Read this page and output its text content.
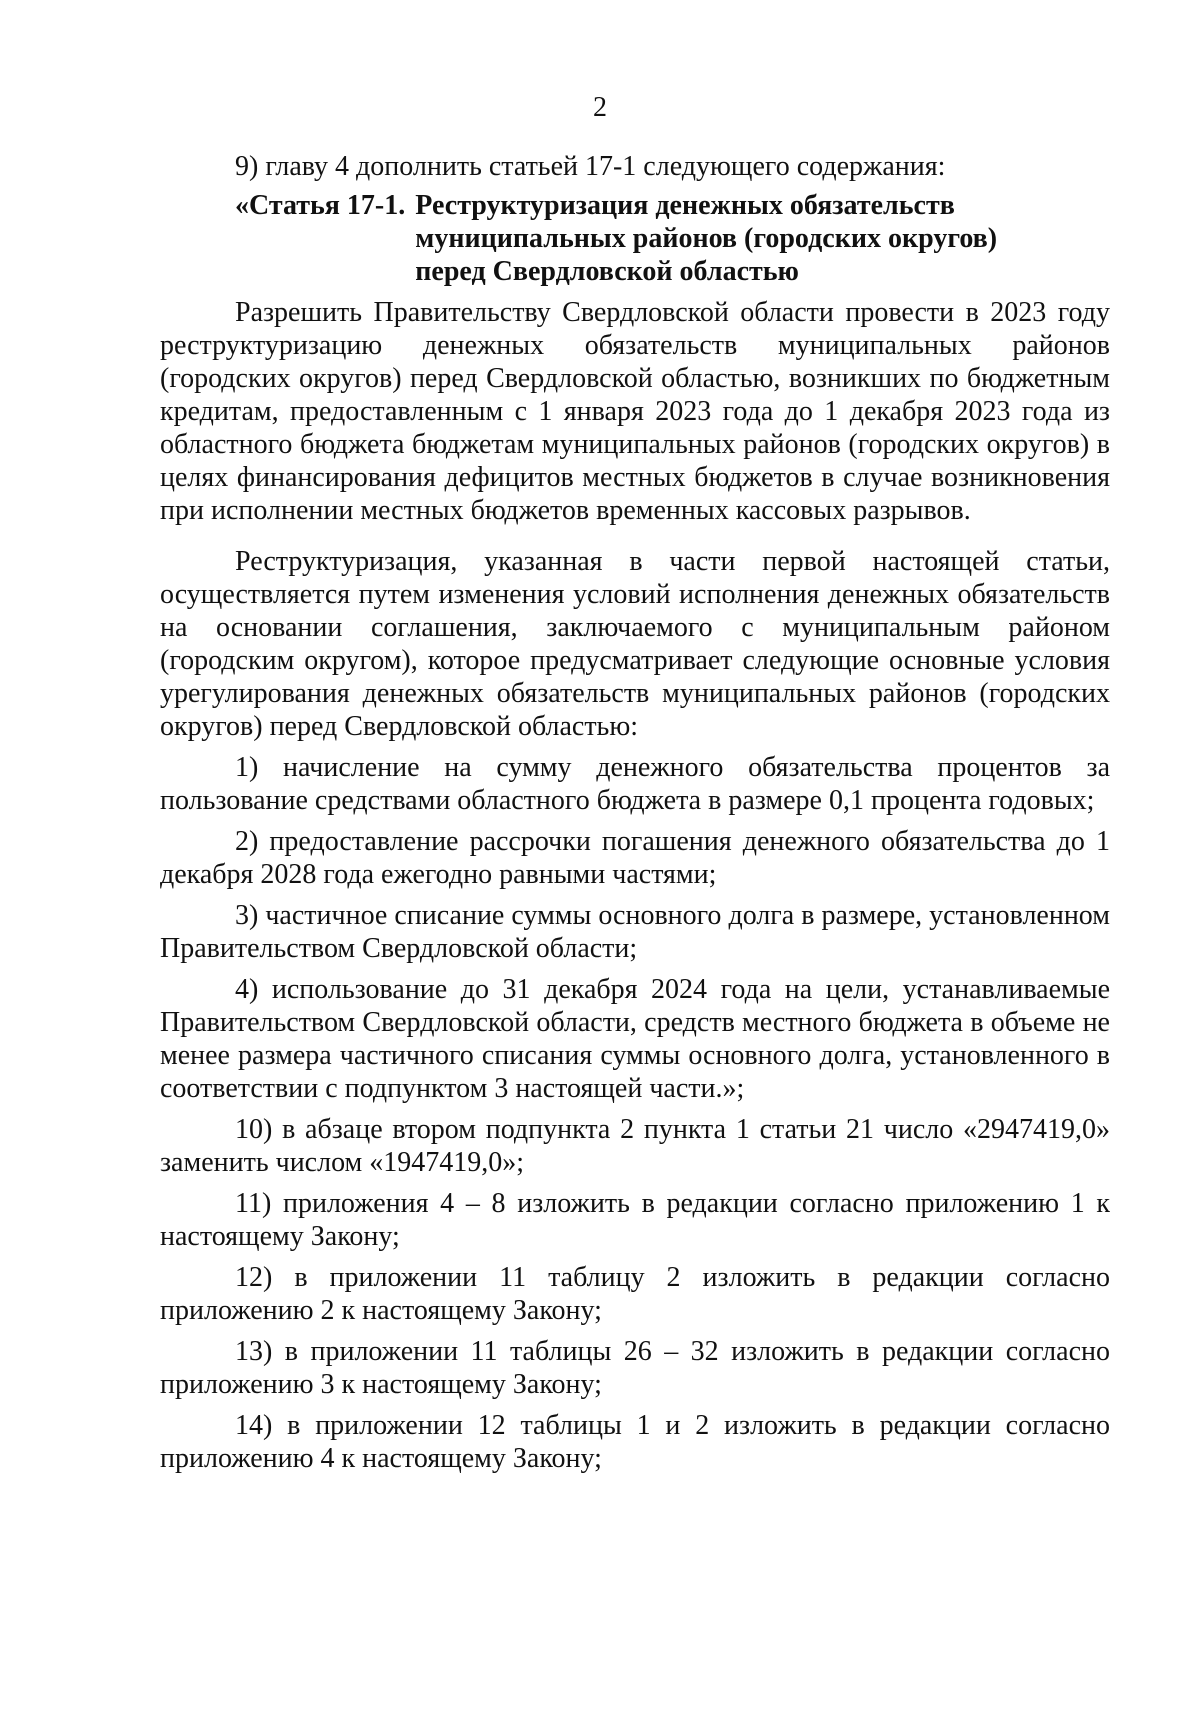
2

9) главу 4 дополнить статьей 17-1 следующего содержания:

«Статья 17-1. Реструктуризация денежных обязательств
муниципальных районов (городских округов)
перед Свердловской областью

Разрешить Правительству Свердловской области провести в 2023 году реструктуризацию денежных обязательств муниципальных районов (городских округов) перед Свердловской областью, возникших по бюджетным кредитам, предоставленным с 1 января 2023 года до 1 декабря 2023 года из областного бюджета бюджетам муниципальных районов (городских округов) в целях финансирования дефицитов местных бюджетов в случае возникновения при исполнении местных бюджетов временных кассовых разрывов.

Реструктуризация, указанная в части первой настоящей статьи, осуществляется путем изменения условий исполнения денежных обязательств на основании соглашения, заключаемого с муниципальным районом (городским округом), которое предусматривает следующие основные условия урегулирования денежных обязательств муниципальных районов (городских округов) перед Свердловской областью:

1) начисление на сумму денежного обязательства процентов за пользование средствами областного бюджета в размере 0,1 процента годовых;

2) предоставление рассрочки погашения денежного обязательства до 1 декабря 2028 года ежегодно равными частями;

3) частичное списание суммы основного долга в размере, установленном Правительством Свердловской области;

4) использование до 31 декабря 2024 года на цели, устанавливаемые Правительством Свердловской области, средств местного бюджета в объеме не менее размера частичного списания суммы основного долга, установленного в соответствии с подпунктом 3 настоящей части.»;

10) в абзаце втором подпункта 2 пункта 1 статьи 21 число «2947419,0» заменить числом «1947419,0»;

11) приложения 4 – 8 изложить в редакции согласно приложению 1 к настоящему Закону;

12) в приложении 11 таблицу 2 изложить в редакции согласно приложению 2 к настоящему Закону;

13) в приложении 11 таблицы 26 – 32 изложить в редакции согласно приложению 3 к настоящему Закону;

14) в приложении 12 таблицы 1 и 2 изложить в редакции согласно приложению 4 к настоящему Закону;
